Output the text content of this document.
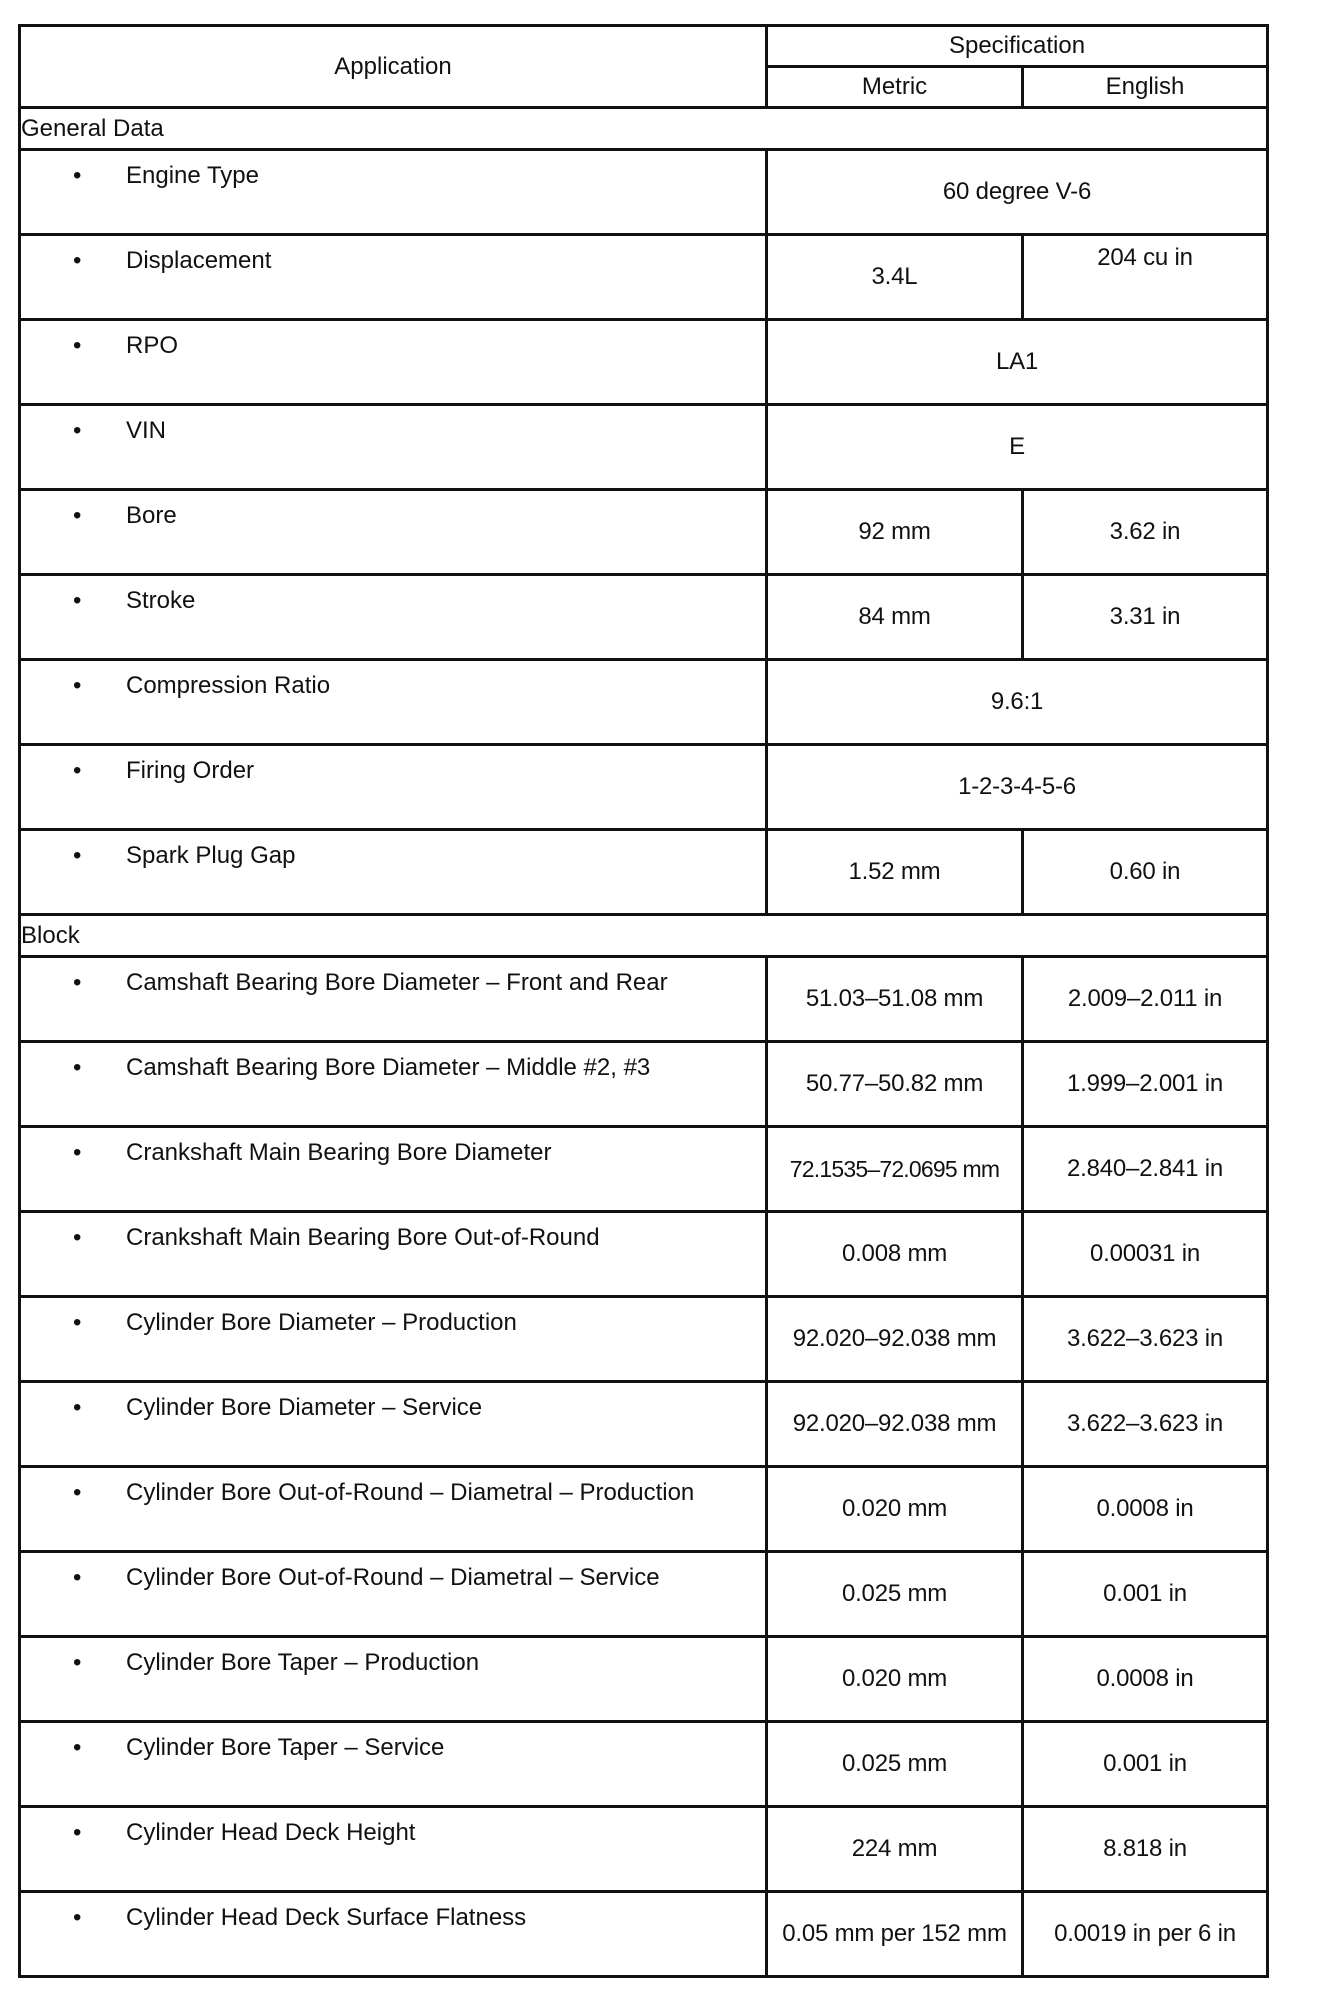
Application	Specification	
	Metric	English
General Data		

• Engine Type	60 degree V-6	

• Displacement	3.4L	204 cu in

• RPO	LA1	

• VIN	E	

• Bore	92 mm	3.62 in

• Stroke	84 mm	3.31 in

• Compression Ratio	9.6:1	

• Firing Order	1-2-3-4-5-6	

• Spark Plug Gap	1.52 mm	0.60 in
Block		

• Camshaft Bearing Bore Diameter – Front and Rear	51.03–51.08 mm	2.009–2.011 in

• Camshaft Bearing Bore Diameter – Middle #2, #3	50.77–50.82 mm	1.999–2.001 in

• Crankshaft Main Bearing Bore Diameter	72.1535–72.0695 mm	2.840–2.841 in

• Crankshaft Main Bearing Bore Out-of-Round	0.008 mm	0.00031 in

• Cylinder Bore Diameter – Production	92.020–92.038 mm	3.622–3.623 in

• Cylinder Bore Diameter – Service	92.020–92.038 mm	3.622–3.623 in

• Cylinder Bore Out-of-Round – Diametral – Production	0.020 mm	0.0008 in

• Cylinder Bore Out-of-Round – Diametral – Service	0.025 mm	0.001 in

• Cylinder Bore Taper – Production	0.020 mm	0.0008 in

• Cylinder Bore Taper – Service	0.025 mm	0.001 in

• Cylinder Head Deck Height	224 mm	8.818 in

• Cylinder Head Deck Surface Flatness	0.05 mm per 152 mm	0.0019 in per 6 in
